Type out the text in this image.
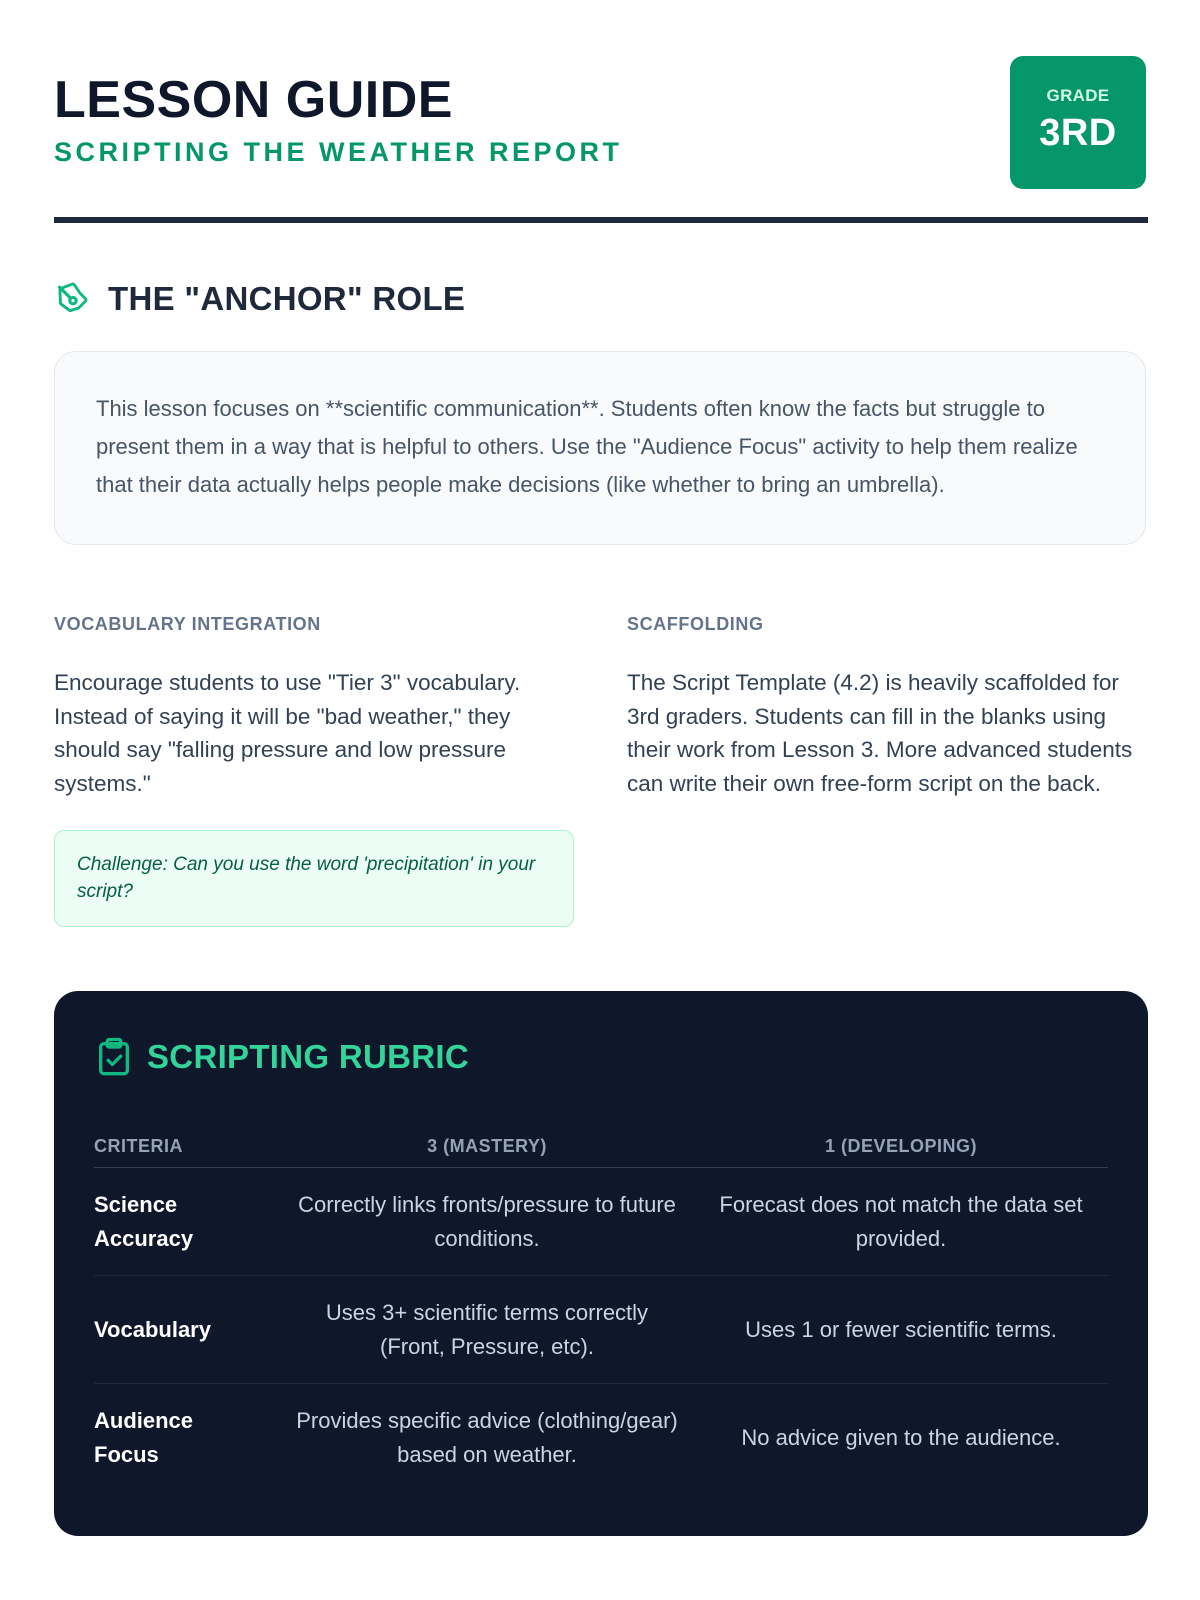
LESSON GUIDE

SCRIPTING THE WEATHER REPORT

GRADE
3RD
THE "ANCHOR" ROLE

This lesson focuses on **scientific communication**. Students often know the facts but struggle to present them in a way that is helpful to others. Use the "Audience Focus" activity to help them realize that their data actually helps people make decisions (like whether to bring an umbrella).

VOCABULARY INTEGRATION

Encourage students to use "Tier 3" vocabulary. Instead of saying it will be "bad weather," they should say "falling pressure and low pressure systems."

Challenge: Can you use the word 'precipitation' in your script?
SCAFFOLDING

The Script Template (4.2) is heavily scaffolded for 3rd graders. Students can fill in the blanks using their work from Lesson 3. More advanced students can write their own free-form script on the back.

SCRIPTING RUBRIC
CRITERIA	3 (MASTERY)	1 (DEVELOPING)
Science Accuracy	Correctly links fronts/pressure to future conditions.	Forecast does not match the data set provided.
Vocabulary	Uses 3+ scientific terms correctly (Front, Pressure, etc).	Uses 1 or fewer scientific terms.
Audience Focus	Provides specific advice (clothing/gear) based on weather.	No advice given to the audience.
